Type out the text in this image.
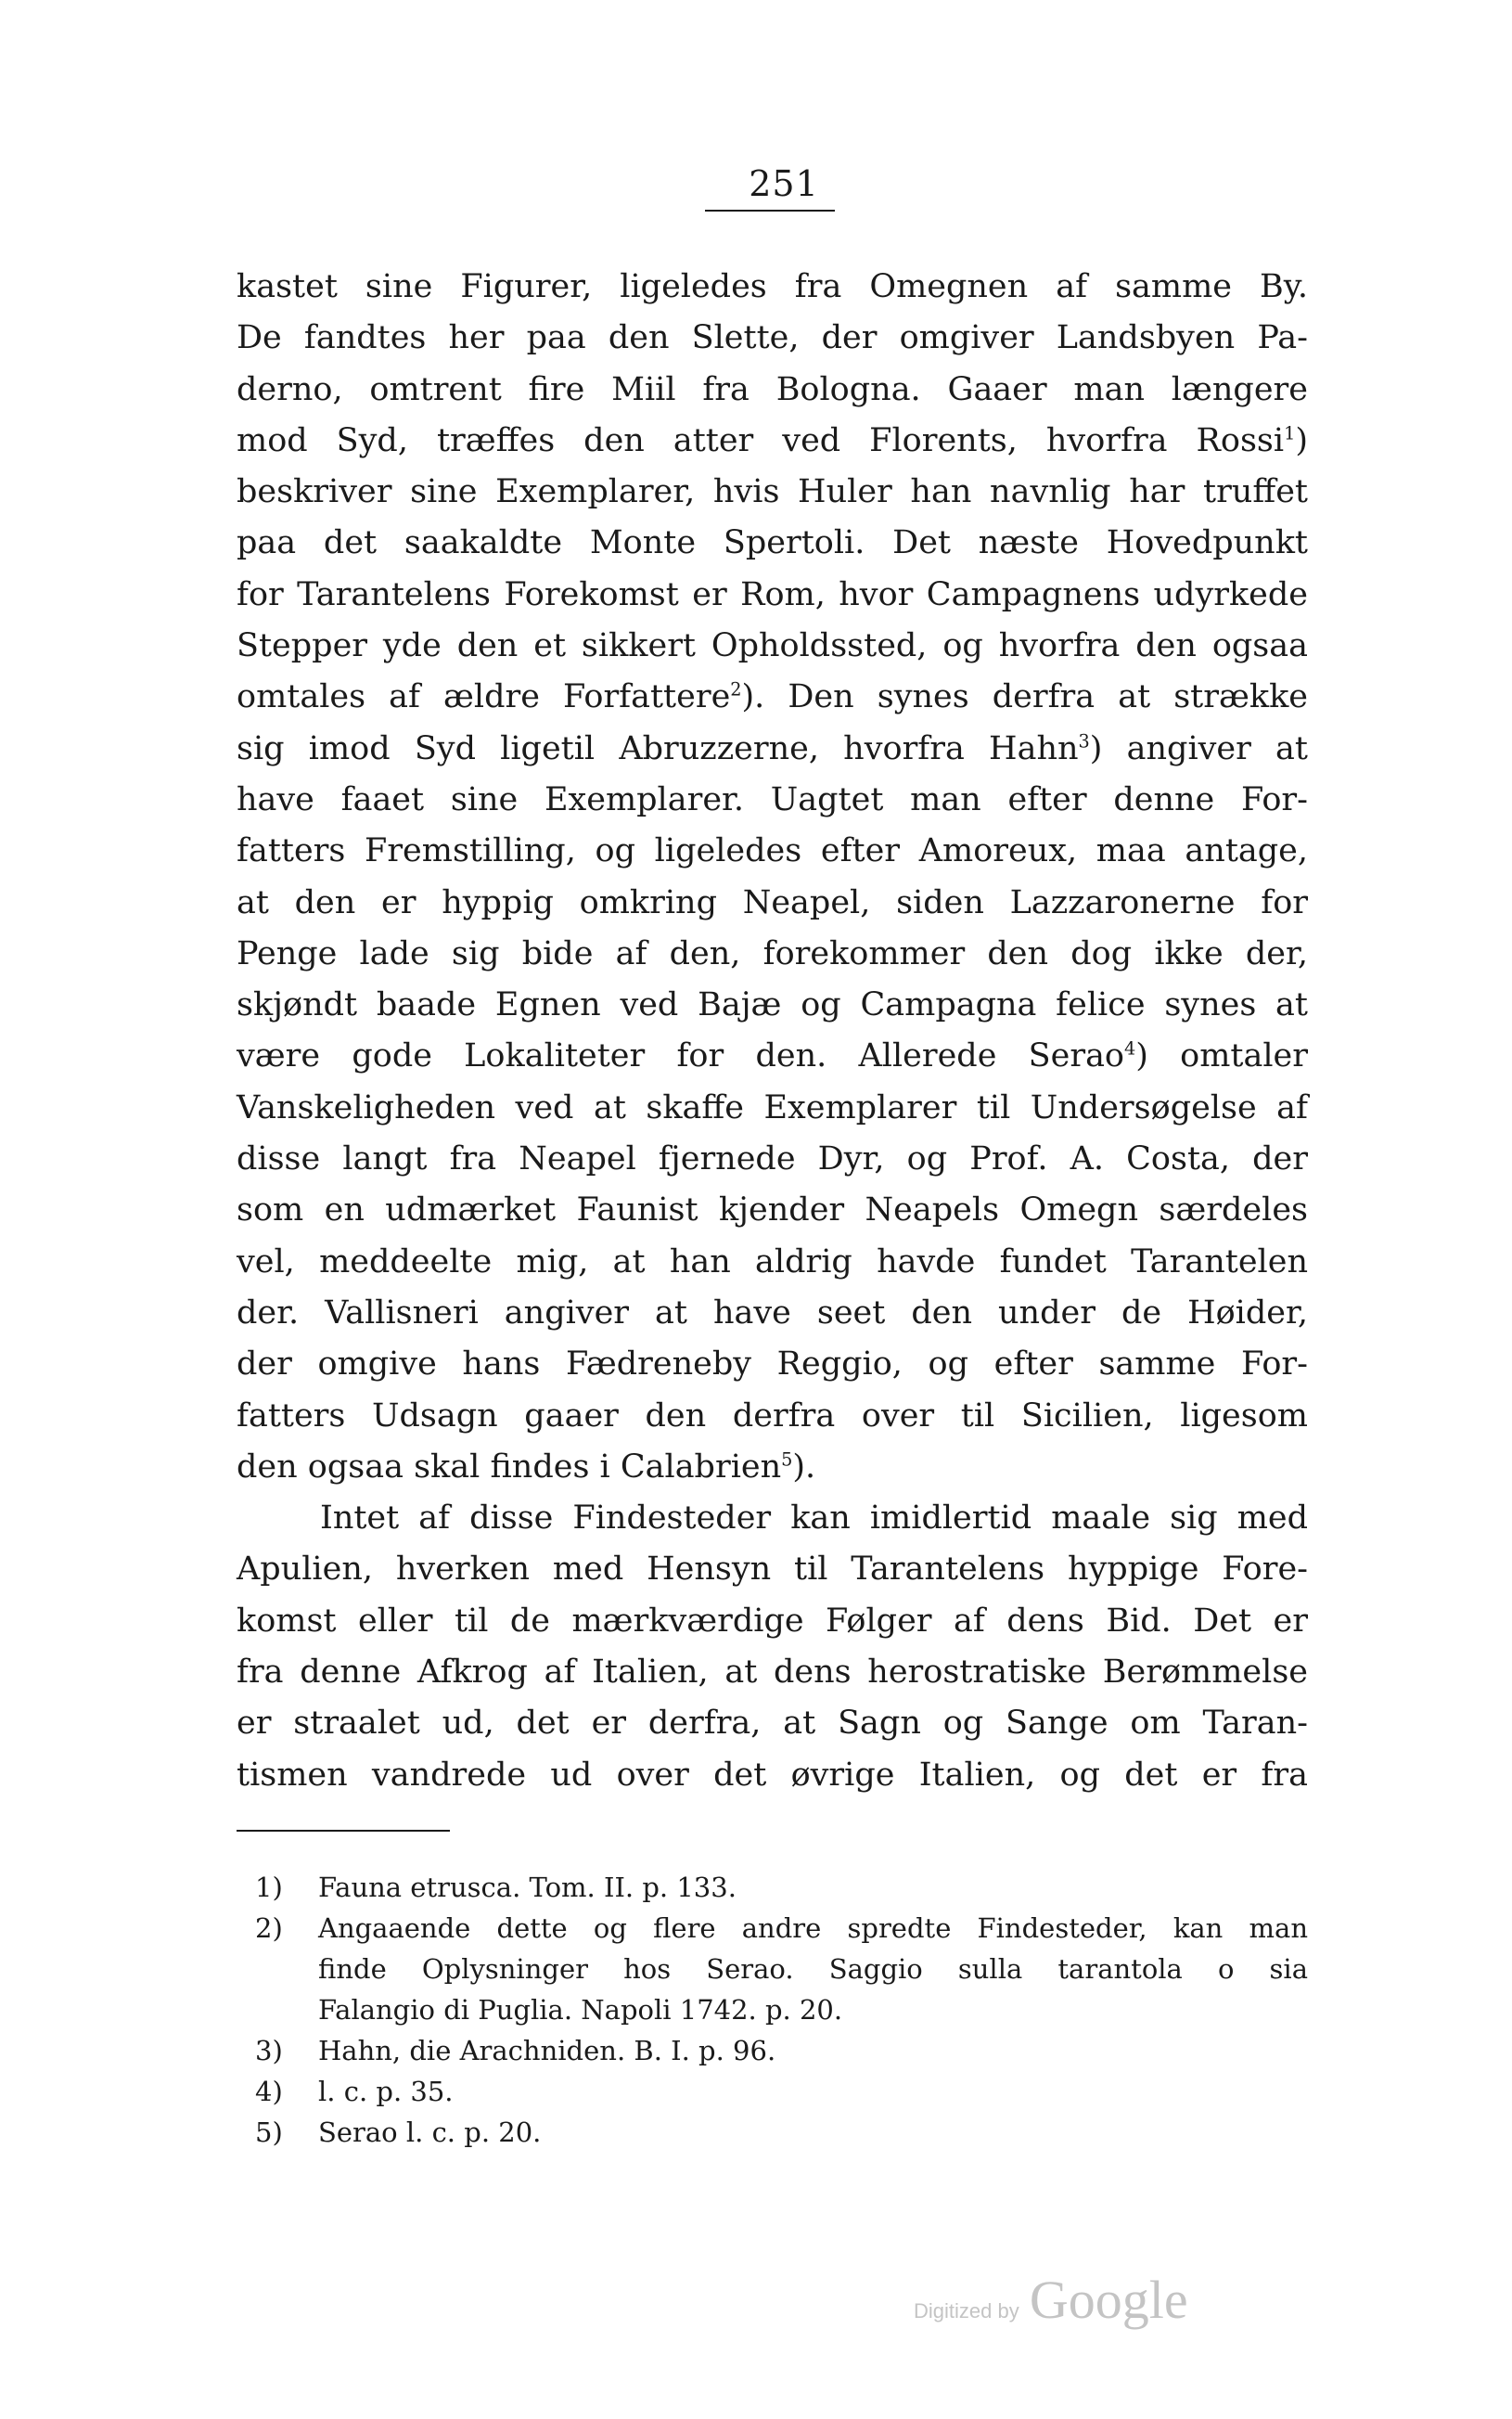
251
kastet sine Figurer, ligeledes fra Omegnen af samme By.
De fandtes her paa den Slette, der omgiver Landsbyen Pa-
derno, omtrent fire Miil fra Bologna. Gaaer man længere
mod Syd, træffes den atter ved Florents, hvorfra Rossi$^1$)
beskriver sine Exemplarer, hvis Huler han navnlig har truffet
paa det saakaldte Monte Spertoli. Det næste Hovedpunkt
for Tarantelens Forekomst er Rom, hvor Campagnens udyrkede
Stepper yde den et sikkert Opholdssted, og hvorfra den ogsaa
omtales af ældre Forfattere$^2$). Den synes derfra at strække
sig imod Syd ligetil Abruzzerne, hvorfra Hahn$^3$) angiver at
have faaet sine Exemplarer. Uagtet man efter denne For-
fatters Fremstilling, og ligeledes efter Amoreux, maa antage,
at den er hyppig omkring Neapel, siden Lazzaronerne for
Penge lade sig bide af den, forekommer den dog ikke der,
skjøndt baade Egnen ved Bajæ og Campagna felice synes at
være gode Lokaliteter for den. Allerede Serao$^4$) omtaler
Vanskeligheden ved at skaffe Exemplarer til Undersøgelse af
disse langt fra Neapel fjernede Dyr, og Prof. A. Costa, der
som en udmærket Faunist kjender Neapels Omegn særdeles
vel, meddeelte mig, at han aldrig havde fundet Tarantelen
der. Vallisneri angiver at have seet den under de Høider,
der omgive hans Fædreneby Reggio, og efter samme For-
fatters Udsagn gaaer den derfra over til Sicilien, ligesom
den ogsaa skal findes i Calabrien$^5$).
Intet af disse Findesteder kan imidlertid maale sig med
Apulien, hverken med Hensyn til Tarantelens hyppige Fore-
komst eller til de mærkværdige Følger af dens Bid. Det er
fra denne Afkrog af Italien, at dens herostratiske Berømmelse
er straalet ud, det er derfra, at Sagn og Sange om Taran-
tismen vandrede ud over det øvrige Italien, og det er fra
1) Fauna etrusca. Tom. II. p. 133.
2) Angaaende dette og flere andre spredte Findesteder, kan man
finde Oplysninger hos Serao. Saggio sulla tarantola o sia
Falangio di Puglia. Napoli 1742. p. 20.
3) Hahn, die Arachniden. B. I. p. 96.
4) l. c. p. 35.
5) Serao l. c. p. 20.
Digitized by Google
